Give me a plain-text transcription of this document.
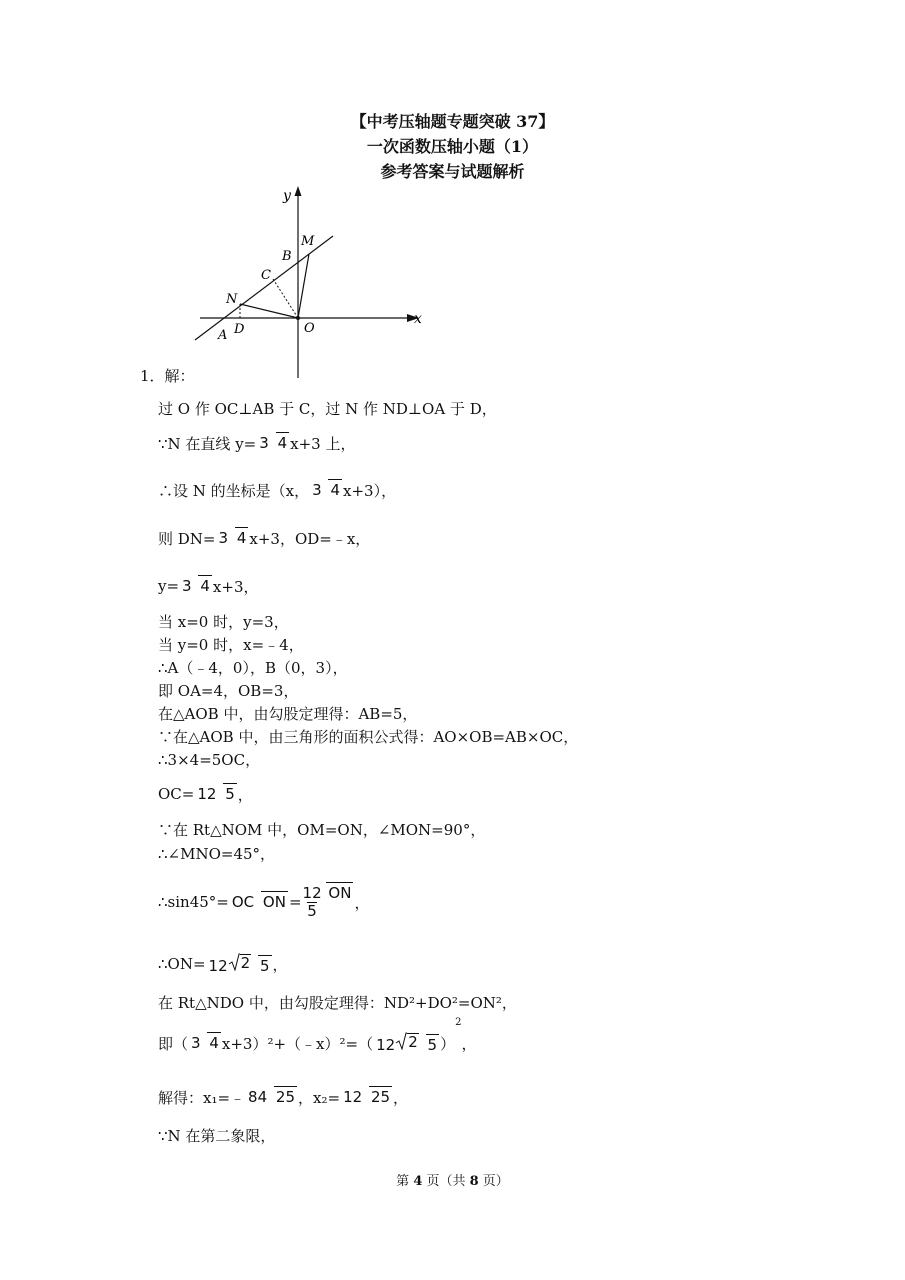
【中考压轴题专题突破 37】
一次函数压轴小题（1）
参考答案与试题解析
y
x
M
B
C
N
D
A	O
1．解：
过 O 作 OC⊥AB 于 C，过 N 作 ND⊥OA 于 D，
∵N 在直线 y= 3 4 x+3 上，
∴设 N 的坐标是（x， 3 4 x+3），
则 DN= 3 4 x+3，OD=﹣x，
y= 3 4 x+3，
当 x=0 时，y=3，
当 y=0 时，x=﹣4，
∴A（﹣4，0），B（0，3），
即 OA=4，OB=3，
在△AOB 中，由勾股定理得：AB=5，
∵在△AOB 中，由三角形的面积公式得：AO×OB=AB×OC，
∴3×4=5OC，
OC= 12 5 ，
∵在 Rt△NOM 中，OM=ON，∠MON=90°，
∴∠MNO=45°，
∴sin45°= OC ON = $\frac{12}{5}$ ON
，
∴ON= 12 2 5 ，
在 Rt△NDO 中，由勾股定理得：ND²+DO²=ON²，
即（ 3 4 x+3）²+（﹣x）²=（ 12 2 5 ）
$^2$
，
解得：x₁=﹣ 84 25 ，x₂= 12 25 ，
∵N 在第二象限，
第 4 页（共 8 页）
